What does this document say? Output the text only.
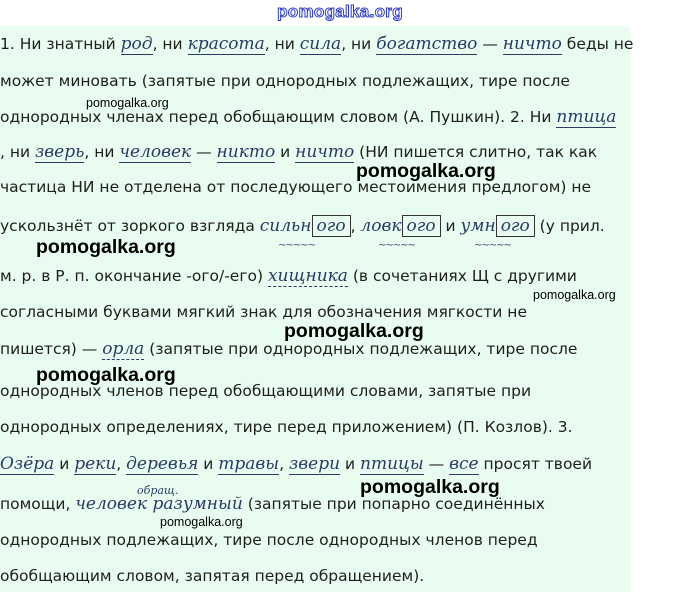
pomogalka.org
1. Ни знатный род, ни красота, ни сила, ни богатство — ничто беды не
может миновать (запятые при однородных подлежащих, тире после
однородных членах перед обобщающим словом (А. Пушкин). 2. Ни птица
, ни зверь, ни человек — никто и ничто (НИ пишется слитно, так как
частица НИ не отделена от последующего местоимения предлогом) не
ускользнёт от зоркого взгляда сильн ого , ловк ого и умн ого (у прил.
~~~~~	~~~~~	~~~~~
м. р. в Р. п. окончание -ого/-его) хищника (в сочетаниях Щ с другими
согласными буквами мягкий знак для обозначения мягкости не
пишется) — орла (запятые при однородных подлежащих, тире после
однородных членов перед обобщающими словами, запятые при
однородных определениях, тире перед приложением) (П. Козлов). 3.
Озёра и реки, деревья и травы, звери и птицы — все просят твоей
обращ.
помощи, человек разумный (запятые при попарно соединённых
однородных подлежащих, тире после однородных членов перед
обобщающим словом, запятая перед обращением).
pomogalka.org
pomogalka.org
pomogalka.org
pomogalka.org
pomogalka.org
pomogalka.org
pomogalka.org
pomogalka.org
